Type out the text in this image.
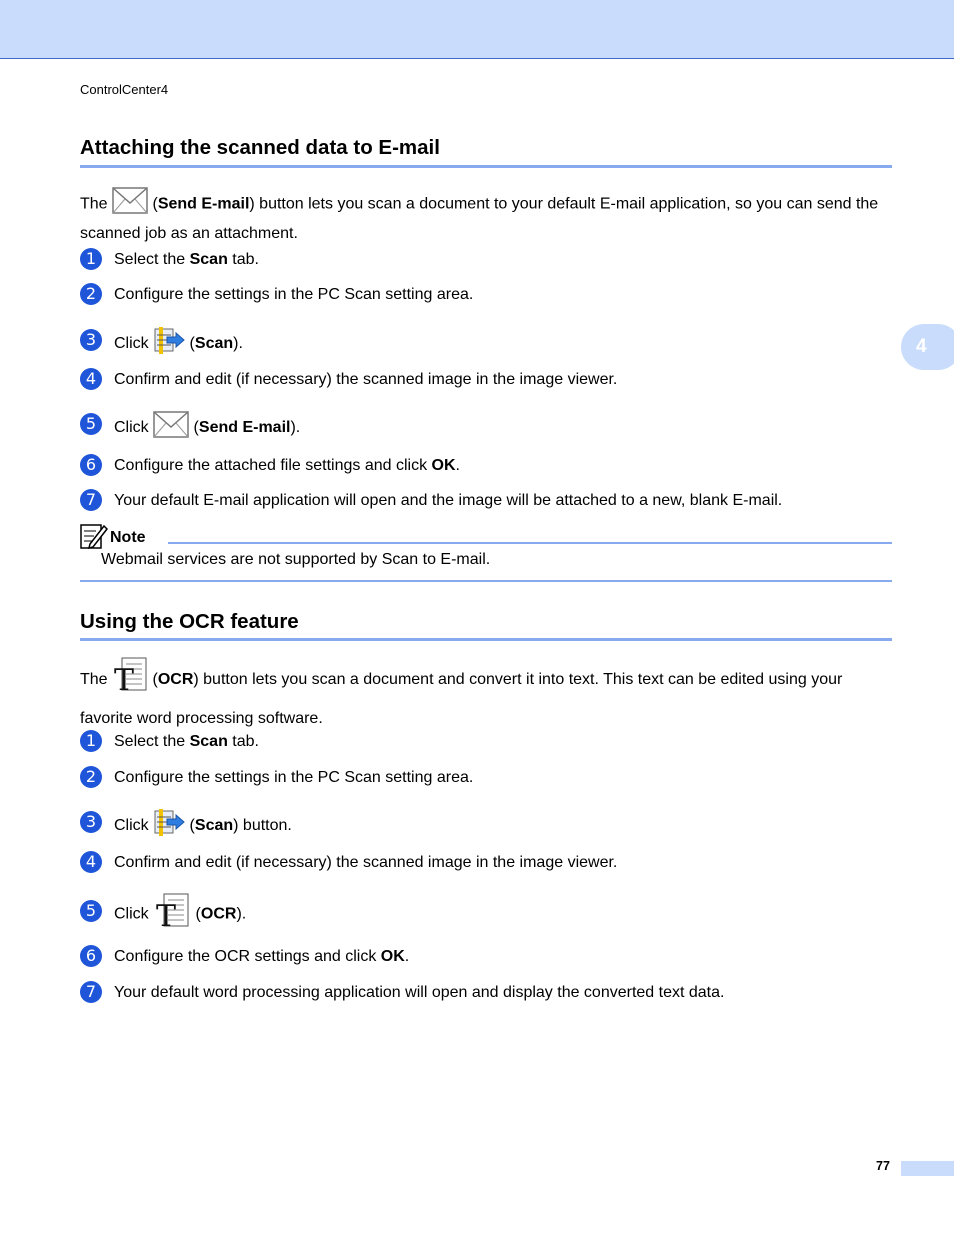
ControlCenter4
4
Attaching the scanned data to E-mail
The	(Send E-mail) button lets you scan a document to your default E-mail application, so you can send the scanned job as an attachment.
1	Select the Scan tab.
2	Configure the settings in the PC Scan setting area.
3	Click  (Scan).
4	Confirm and edit (if necessary) the scanned image in the image viewer.
5	Click  (Send E-mail).
6	Configure the attached file settings and click OK.
7	Your default E-mail application will open and the image will be attached to a new, blank E-mail.
Note
Webmail services are not supported by Scan to E-mail.
Using the OCR feature
The T (OCR) button lets you scan a document and convert it into text. This text can be edited using your favorite word processing software.
1	Select the Scan tab.
2	Configure the settings in the PC Scan setting area.
3	Click  (Scan) button.
4	Confirm and edit (if necessary) the scanned image in the image viewer.
5	Click T (OCR).
6	Configure the OCR settings and click OK.
7	Your default word processing application will open and display the converted text data.
77
